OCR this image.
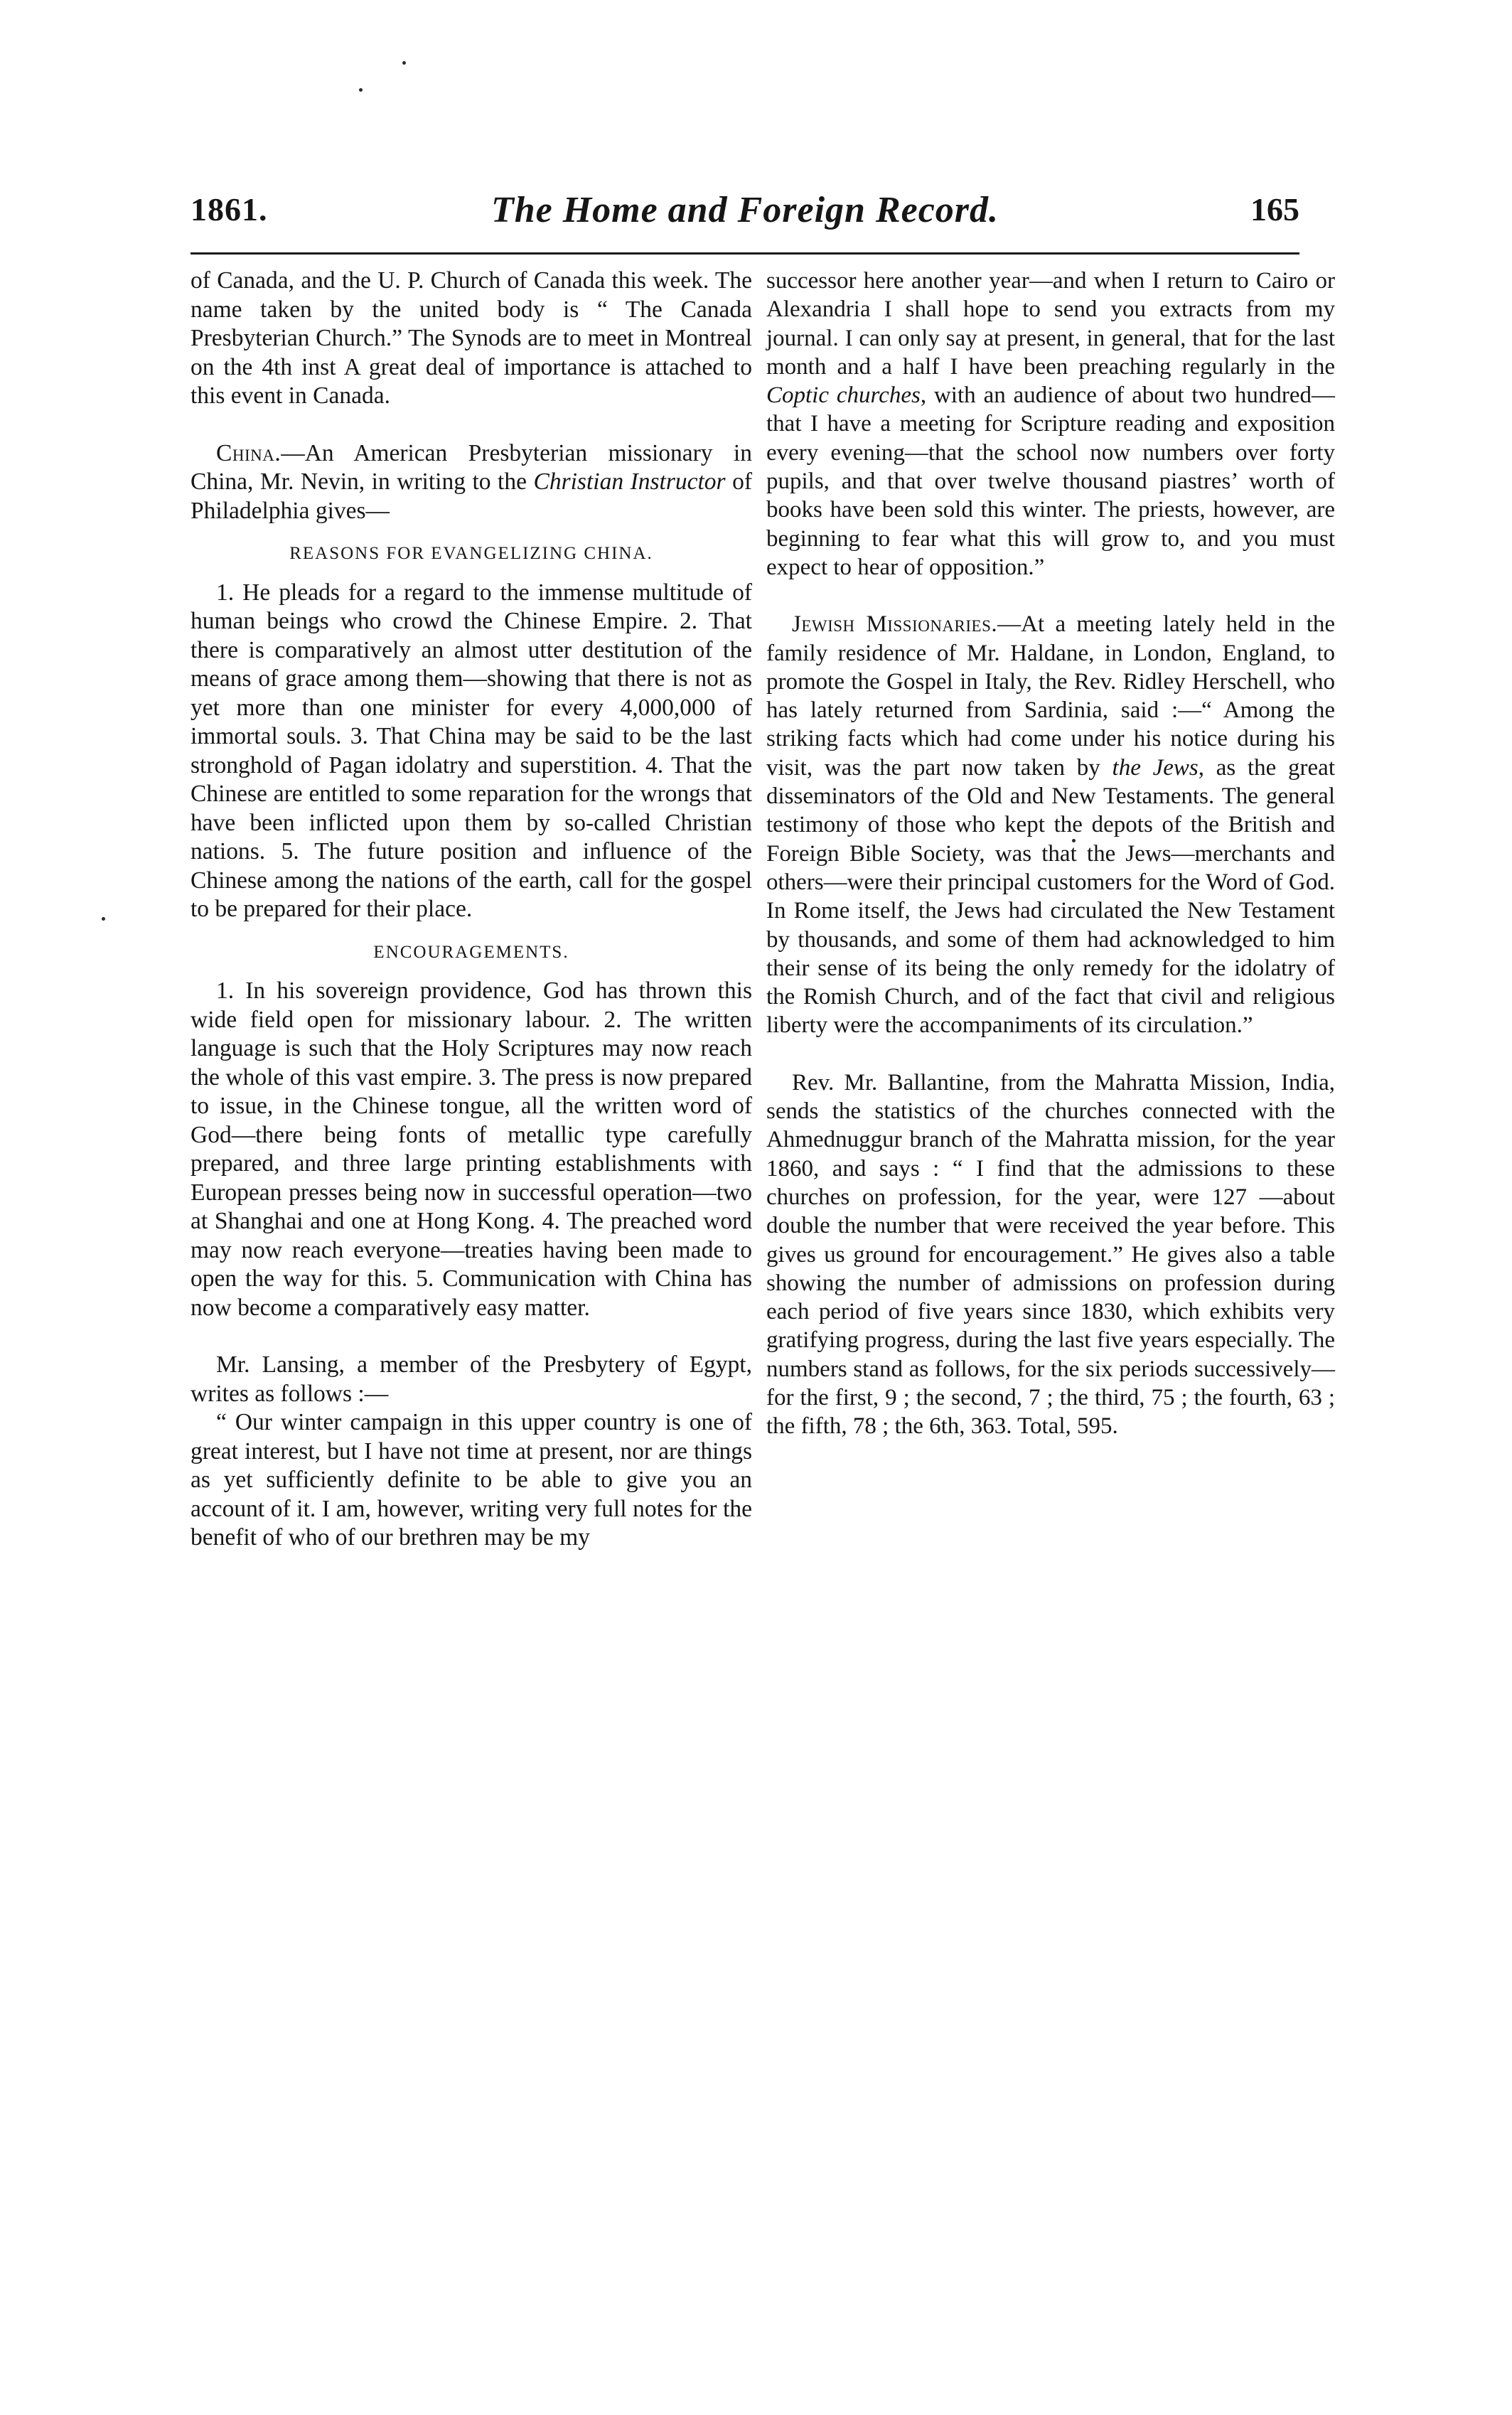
1861.	The Home and Foreign Record.	165

of Canada, and the U. P. Church of Canada this week. The name taken by the united body is “ The Canada Presbyterian Church.” The Synods are to meet in Montreal on the 4th inst A great deal of importance is attached to this event in Canada.

China.—An American Presbyterian missionary in China, Mr. Nevin, in writing to the Christian Instructor of Philadelphia gives—

REASONS FOR EVANGELIZING CHINA.

1. He pleads for a regard to the immense multitude of human beings who crowd the Chinese Empire. 2. That there is comparatively an almost utter destitution of the means of grace among them—showing that there is not as yet more than one minister for every 4,000,000 of immortal souls. 3. That China may be said to be the last stronghold of Pagan idolatry and superstition. 4. That the Chinese are entitled to some reparation for the wrongs that have been inflicted upon them by so-called Christian nations. 5. The future position and influence of the Chinese among the nations of the earth, call for the gospel to be prepared for their place.

ENCOURAGEMENTS.

1. In his sovereign providence, God has thrown this wide field open for missionary labour. 2. The written language is such that the Holy Scriptures may now reach the whole of this vast empire. 3. The press is now prepared to issue, in the Chinese tongue, all the written word of God—there being fonts of metallic type carefully prepared, and three large printing establishments with European presses being now in successful operation—two at Shanghai and one at Hong Kong. 4. The preached word may now reach everyone—treaties having been made to open the way for this. 5. Communication with China has now become a comparatively easy matter.

Mr. Lansing, a member of the Presbytery of Egypt, writes as follows :—

“ Our winter campaign in this upper country is one of great interest, but I have not time at present, nor are things as yet sufficiently definite to be able to give you an account of it. I am, however, writing very full notes for the benefit of who of our brethren may be my

successor here another year—and when I return to Cairo or Alexandria I shall hope to send you extracts from my journal. I can only say at present, in general, that for the last month and a half I have been preaching regularly in the Coptic churches, with an audience of about two hundred—that I have a meeting for Scripture reading and exposition every evening—that the school now numbers over forty pupils, and that over twelve thousand piastres’ worth of books have been sold this winter. The priests, however, are beginning to fear what this will grow to, and you must expect to hear of opposition.”

Jewish Missionaries.—At a meeting lately held in the family residence of Mr. Haldane, in London, England, to promote the Gospel in Italy, the Rev. Ridley Herschell, who has lately returned from Sardinia, said :—“ Among the striking facts which had come under his notice during his visit, was the part now taken by the Jews, as the great disseminators of the Old and New Testaments. The general testimony of those who kept the depots of the British and Foreign Bible Society, was that the Jews—merchants and others—were their principal customers for the Word of God. In Rome itself, the Jews had circulated the New Testament by thousands, and some of them had acknowledged to him their sense of its being the only remedy for the idolatry of the Romish Church, and of the fact that civil and religious liberty were the accompaniments of its circulation.”

Rev. Mr. Ballantine, from the Mahratta Mission, India, sends the statistics of the churches connected with the Ahmednuggur branch of the Mahratta mission, for the year 1860, and says : “ I find that the admissions to these churches on profession, for the year, were 127 —about double the number that were received the year before. This gives us ground for encouragement.” He gives also a table showing the number of admissions on profession during each period of five years since 1830, which exhibits very gratifying progress, during the last five years especially. The numbers stand as follows, for the six periods successively—for the first, 9 ; the second, 7 ; the third, 75 ; the fourth, 63 ; the fifth, 78 ; the 6th, 363. Total, 595.
